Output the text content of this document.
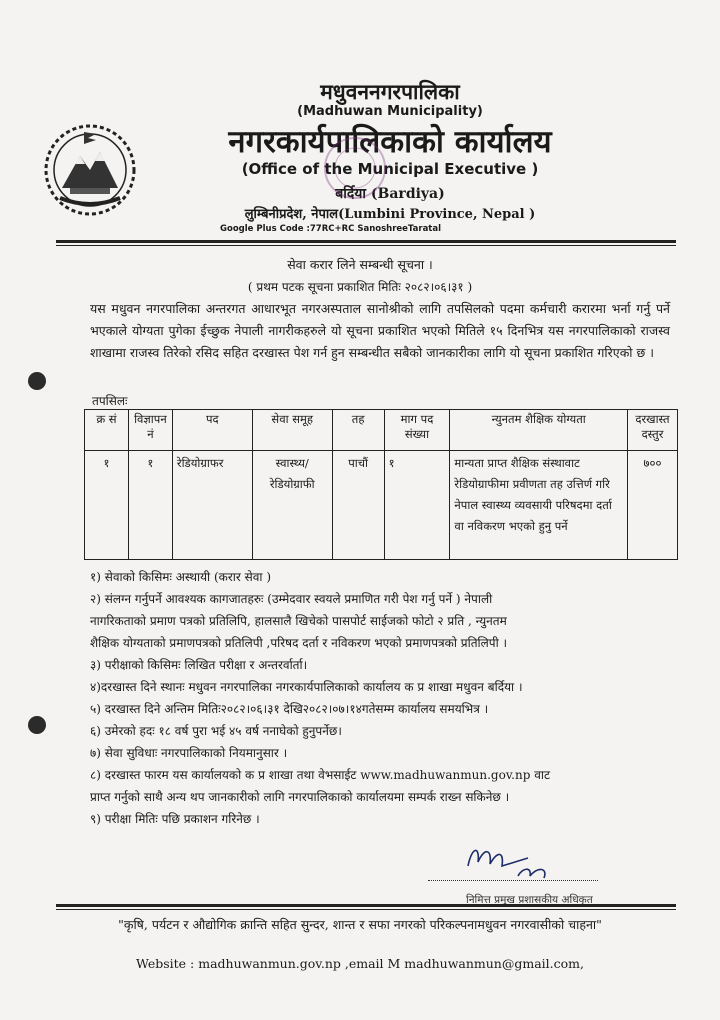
मधुवननगरपालिका
(Madhuwan Municipality)
नगरकार्यपालिकाको कार्यालय
(Office of the Municipal Executive )
बर्दिया (Bardiya)
लुम्बिनीप्रदेश, नेपाल(Lumbini Province, Nepal )
Google Plus Code :77RC+RC SanoshreeTaratal
सेवा करार लिने सम्बन्धी सूचना ।
( प्रथम पटक सूचना प्रकाशित मितिः २०८२।०६।३१ )
यस मधुवन नगरपालिका अन्तरगत आधारभूत नगरअस्पताल सानोश्रीको लागि तपसिलको पदमा कर्मचारी करारमा भर्ना गर्नु पर्ने भएकाले योग्यता पुगेका ईच्छुक नेपाली नागरीकहरुले यो सूचना प्रकाशित भएको मितिले १५ दिनभित्र यस नगरपालिकाको राजस्व शाखामा राजस्व तिरेको रसिद सहित दरखास्त पेश गर्न हुन सम्बन्धीत सबैको जानकारीका लागि यो सूचना प्रकाशित गरिएको छ ।
तपसिलः
क्र सं	विज्ञापन नं	पद	सेवा समूह	तह	माग पद संख्या	न्युनतम शैक्षिक योग्यता	दरखास्त दस्तुर
१	१	रेडियोग्राफर	स्वास्थ्य/ रेडियोग्राफी	पाचौं	१	मान्यता प्राप्त शैक्षिक संस्थावाट रेडियोग्राफीमा प्रवीणता तह उत्तिर्ण गरि नेपाल स्वास्थ्य व्यवसायी परिषदमा दर्ता वा नविकरण भएको हुनु पर्ने	७००
१) सेवाको किसिमः अस्थायी (करार सेवा )
२) संलग्न गर्नुपर्ने आवश्यक कागजातहरुः (उम्मेदवार स्वयले प्रमाणित गरी पेश गर्नु पर्ने ) नेपाली
नागरिकताको प्रमाण पत्रको प्रतिलिपि, हालसालै खिचेको पासपोर्ट साईजको फोटो २ प्रति , न्युनतम
शैक्षिक योग्यताको प्रमाणपत्रको प्रतिलिपी ,परिषद दर्ता र नविकरण भएको प्रमाणपत्रको प्रतिलिपी ।
३) परीक्षाको किसिमः लिखित परीक्षा र अन्तरर्वार्ता।
४)दरखास्त दिने स्थानः मधुवन नगरपालिका नगरकार्यपालिकाको कार्यालय क प्र शाखा मधुवन बर्दिया ।
५) दरखास्त दिने अन्तिम मितिः२०८२।०६।३१ देखि२०८२।०७।१४गतेसम्म कार्यालय समयभित्र ।
६) उमेरको हदः १८ वर्ष पुरा भई ४५ वर्ष ननाघेको हुनुपर्नेछ।
७) सेवा सुविधाः नगरपालिकाको नियमानुसार ।
८) दरखास्त फारम यस कार्यालयको क प्र शाखा तथा वेभसाईट www.madhuwanmun.gov.np वाट
प्राप्त गर्नुको साथै अन्य थप जानकारीको लागि नगरपालिकाको कार्यालयमा सम्पर्क राख्न सकिनेछ ।
९) परीक्षा मितिः पछि प्रकाशन गरिनेछ ।
निमित्त प्रमुख प्रशासकीय अधिकृत
"कृषि, पर्यटन र औद्योगिक क्रान्ति सहित सुन्दर, शान्त र सफा नगरको परिकल्पनामधुवन नगरवासीको चाहना"
Website : madhuwanmun.gov.np ,email M madhuwanmun@gmail.com,
